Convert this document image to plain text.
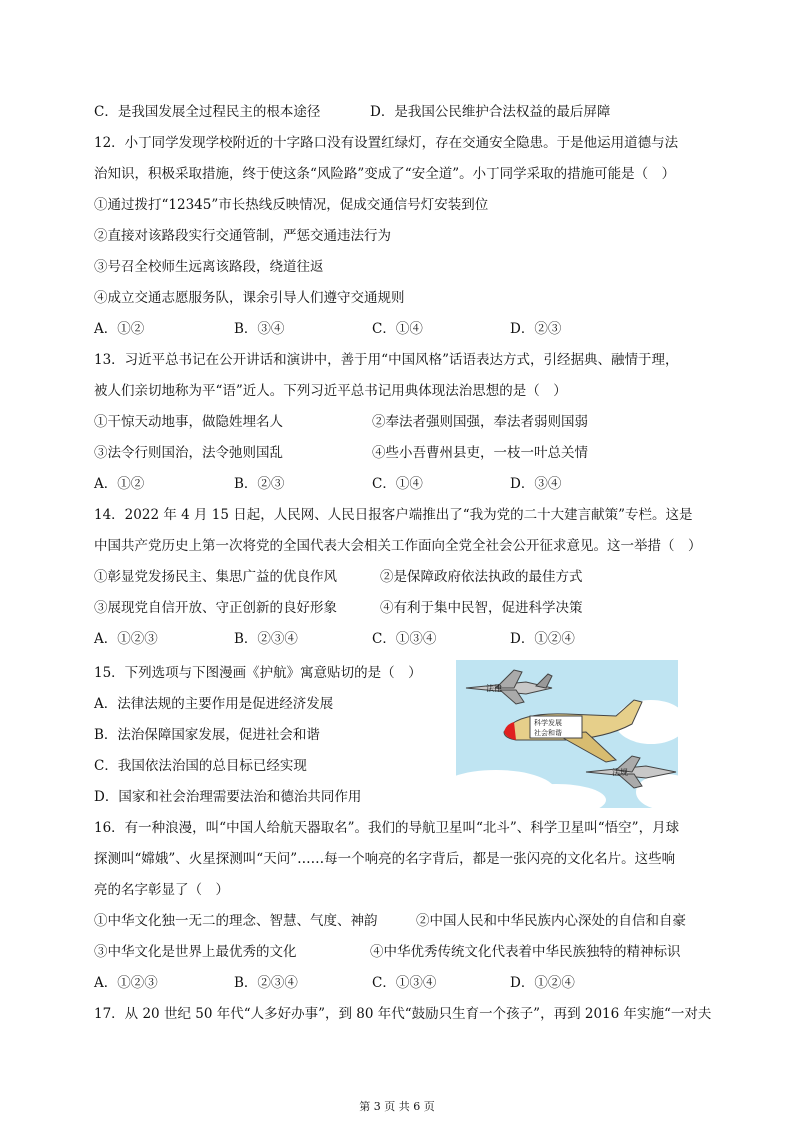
C．是我国发展全过程民主的根本途径	D．是我国公民维护合法权益的最后屏障
12．小丁同学发现学校附近的十字路口没有设置红绿灯，存在交通安全隐患。于是他运用道德与法
治知识，积极采取措施，终于使这条“风险路”变成了“安全道”。小丁同学采取的措施可能是（　）
①通过拨打“12345”市长热线反映情况，促成交通信号灯安装到位
②直接对该路段实行交通管制，严惩交通违法行为
③号召全校师生远离该路段，绕道往返
④成立交通志愿服务队，课余引导人们遵守交通规则
A．①②	B．③④	C．①④	D．②③
13．习近平总书记在公开讲话和演讲中，善于用“中国风格”话语表达方式，引经据典、融情于理，
被人们亲切地称为平“语”近人。下列习近平总书记用典体现法治思想的是（　）
①干惊天动地事，做隐姓埋名人	②奉法者强则国强，奉法者弱则国弱
③法令行则国治，法令弛则国乱	④些小吾曹州县吏，一枝一叶总关情
A．①②	B．②③	C．①④	D．③④
14．2022 年 4 月 15 日起，人民网、人民日报客户端推出了“我为党的二十大建言献策”专栏。这是
中国共产党历史上第一次将党的全国代表大会相关工作面向全党全社会公开征求意见。这一举措（　）
①彰显党发扬民主、集思广益的优良作风	②是保障政府依法执政的最佳方式
③展现党自信开放、守正创新的良好形象	④有利于集中民智，促进科学决策
A．①②③	B．②③④	C．①③④	D．①②④
15．下列选项与下图漫画《护航》寓意贴切的是（　）
A．法律法规的主要作用是促进经济发展
B．法治保障国家发展，促进社会和谐
C．我国依法治国的总目标已经实现
D．国家和社会治理需要法治和德治共同作用
法律
科学发展
社会和谐
法规
16．有一种浪漫，叫“中国人给航天器取名”。我们的导航卫星叫“北斗”、科学卫星叫“悟空”，月球
探测叫“嫦娥”、火星探测叫“天问”……每一个响亮的名字背后，都是一张闪亮的文化名片。这些响
亮的名字彰显了（　）
①中华文化独一无二的理念、智慧、气度、神韵	②中国人民和中华民族内心深处的自信和自豪
③中华文化是世界上最优秀的文化	④中华优秀传统文化代表着中华民族独特的精神标识
A．①②③	B．②③④	C．①③④	D．①②④
17．从 20 世纪 50 年代“人多好办事”，到 80 年代“鼓励只生育一个孩子”，再到 2016 年实施“一对夫
第 3 页 共 6 页
